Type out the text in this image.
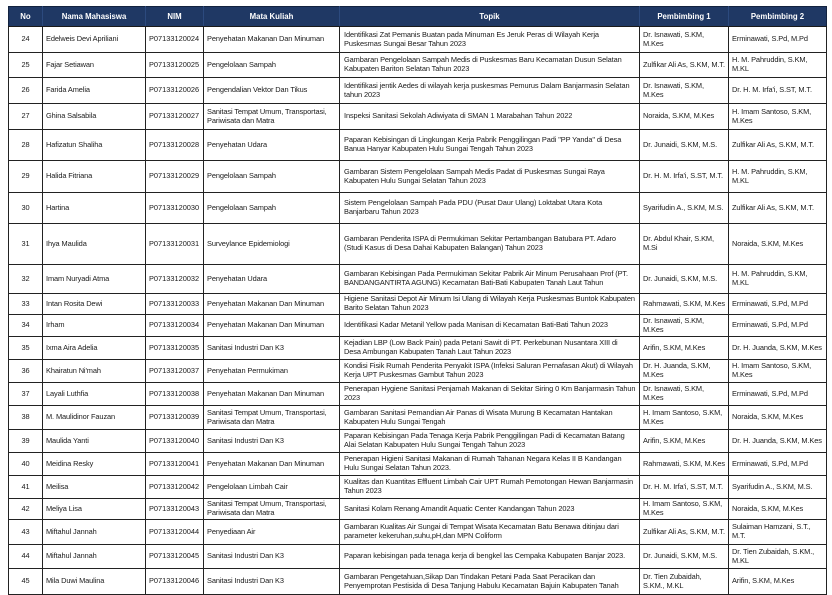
No	Nama Mahasiswa	NIM	Mata Kuliah	Topik	Pembimbing 1	Pembimbing 2
24	Edelweis Devi Apriliani	P07133120024	Penyehatan Makanan Dan Minuman	Identifikasi Zat Pemanis Buatan pada Minuman Es Jeruk Peras di Wilayah Kerja Puskesmas Sungai Besar Tahun 2023	Dr. Isnawati, S.KM, M.Kes	Erminawati, S.Pd, M.Pd
25	Fajar Setiawan	P07133120025	Pengelolaan Sampah	Gambaran Pengelolaan Sampah Medis di Puskesmas Baru Kecamatan Dusun Selatan Kabupaten Bariton Selatan Tahun 2023	Zulfikar Ali As, S.KM, M.T.	H. M. Pahruddin, S.KM, M.KL
26	Farida Amelia	P07133120026	Pengendalian Vektor Dan Tikus	Identifikasi jentik Aedes di wilayah kerja puskesmas Pemurus Dalam Banjarmasin Selatan tahun 2023	Dr. Isnawati, S.KM, M.Kes	Dr. H. M. Irfa'i, S.ST, M.T.
27	Ghina Salsabila	P07133120027	Sanitasi Tempat Umum, Transportasi, Pariwisata dan Matra	Inspeksi Sanitasi Sekolah Adiwiyata di SMAN 1 Marabahan Tahun 2022	Noraida, S.KM, M.Kes	H. Imam Santoso, S.KM, M.Kes
28	Hafizatun Shaliha	P07133120028	Penyehatan Udara	Paparan Kebisingan di Lingkungan Kerja Pabrik Penggilingan Padi "PP Yanda" di Desa Banua Hanyar Kabupaten Hulu Sungai Tengah Tahun 2023	Dr. Junaidi, S.KM, M.S.	Zulfikar Ali As, S.KM, M.T.
29	Halida Fitriana	P07133120029	Pengelolaan Sampah	Gambaran Sistem Pengelolaan Sampah Medis Padat di Puskesmas Sungai Raya Kabupaten Hulu Sungai Selatan Tahun 2023	Dr. H. M. Irfa'i, S.ST, M.T.	H. M. Pahruddin, S.KM, M.KL
30	Hartina	P07133120030	Pengelolaan Sampah	Sistem Pengelolaan Sampah Pada PDU (Pusat Daur Ulang) Loktabat Utara Kota Banjarbaru Tahun 2023	Syarifudin A., S.KM, M.S.	Zulfikar Ali As, S.KM, M.T.
31	Ihya Maulida	P07133120031	Surveylance Epidemiologi	Gambaran Penderita ISPA di Permukiman Sekitar Pertambangan Batubara PT. Adaro (Studi Kasus di Desa Dahai Kabupaten Balangan) Tahun 2023	Dr. Abdul Khair, S.KM, M.Si	Noraida, S.KM, M.Kes
32	Imam Nuryadi Atma	P07133120032	Penyehatan Udara	Gambaran Kebisingan Pada Permukiman Sekitar Pabrik Air Minum Perusahaan Prof (PT. BANDANGANTIRTA AGUNG) Kecamatan Bati-Bati Kabupaten Tanah Laut Tahun	Dr. Junaidi, S.KM, M.S.	H. M. Pahruddin, S.KM, M.KL
33	Intan Rosita Dewi	P07133120033	Penyehatan Makanan Dan Minuman	Higiene Sanitasi Depot Air Minum Isi Ulang di Wilayah Kerja Puskesmas Buntok Kabupaten Barito Selatan Tahun 2023	Rahmawati, S.KM, M.Kes	Erminawati, S.Pd, M.Pd
34	Irham	P07133120034	Penyehatan Makanan Dan Minuman	Identifikasi Kadar Metanil Yellow pada Manisan di Kecamatan Bati-Bati Tahun 2023	Dr. Isnawati, S.KM, M.Kes	Erminawati, S.Pd, M.Pd
35	Ixma Aira Adelia	P07133120035	Sanitasi Industri Dan K3	Kejadian LBP (Low Back Pain) pada Petani Sawit di PT. Perkebunan Nusantara XIII di Desa Ambungan Kabupaten Tanah Laut Tahun 2023	Arifin, S.KM, M.Kes	Dr. H. Juanda, S.KM, M.Kes
36	Khairatun Ni'mah	P07133120037	Penyehatan Permukiman	Kondisi Fisik Rumah Penderita Penyakit ISPA (Infeksi Saluran Pernafasan Akut) di Wilayah Kerja UPT Puskesmas Gambut Tahun 2023	Dr. H. Juanda, S.KM, M.Kes	H. Imam Santoso, S.KM, M.Kes
37	Layali Luthfia	P07133120038	Penyehatan Makanan Dan Minuman	Penerapan Hygiene Sanitasi Penjamah Makanan di Sekitar Siring 0 Km Banjarmasin Tahun 2023	Dr. Isnawati, S.KM, M.Kes	Erminawati, S.Pd, M.Pd
38	M. Maulidinor Fauzan	P07133120039	Sanitasi Tempat Umum, Transportasi, Pariwisata dan Matra	Gambaran Sanitasi Pemandian Air Panas di Wisata Murung B Kecamatan Hantakan Kabupaten Hulu Sungai Tengah	H. Imam Santoso, S.KM, M.Kes	Noraida, S.KM, M.Kes
39	Maulida Yanti	P07133120040	Sanitasi Industri Dan K3	Paparan Kebisingan Pada Tenaga Kerja Pabrik Penggilingan Padi di Kecamatan Batang Alai Selatan Kabupaten Hulu Sungai Tengah Tahun 2023	Arifin, S.KM, M.Kes	Dr. H. Juanda, S.KM, M.Kes
40	Meidina Resky	P07133120041	Penyehatan Makanan Dan Minuman	Penerapan Higieni Sanitasi Makanan di Rumah Tahanan Negara Kelas II B Kandangan Hulu Sungai Selatan Tahun 2023.	Rahmawati, S.KM, M.Kes	Erminawati, S.Pd, M.Pd
41	Meilisa	P07133120042	Pengelolaan Limbah Cair	Kualitas dan Kuantitas Effluent Limbah Cair UPT Rumah Pemotongan Hewan Banjarmasin Tahun 2023	Dr. H. M. Irfa'i, S.ST, M.T.	Syarifudin A., S.KM, M.S.
42	Meliya Lisa	P07133120043	Sanitasi Tempat Umum, Transportasi, Pariwisata dan Matra	Sanitasi Kolam Renang Amandit Aquatic Center Kandangan Tahun 2023	H. Imam Santoso, S.KM, M.Kes	Noraida, S.KM, M.Kes
43	Miftahul Jannah	P07133120044	Penyediaan Air	Gambaran Kualitas Air Sungai di Tempat Wisata Kecamatan Batu Benawa ditinjau dari parameter kekeruhan,suhu,pH,dan MPN Coliform	Zulfikar Ali As, S.KM, M.T.	Sulaiman Hamzani, S.T., M.T.
44	Miftahul Jannah	P07133120045	Sanitasi Industri Dan K3	Paparan kebisingan pada tenaga kerja di bengkel las Cempaka Kabupaten Banjar 2023.	Dr. Junaidi, S.KM, M.S.	Dr. Tien Zubaidah, S.KM., M.KL
45	Mila Duwi Maulina	P07133120046	Sanitasi Industri Dan K3	Gambaran Pengetahuan,Sikap Dan Tindakan Petani Pada Saat Peracikan dan Penyemprotan Pestisida di Desa Tanjung Habulu Kecamatan Bajuin Kabupaten Tanah	Dr. Tien Zubaidah, S.KM., M.KL	Arifin, S.KM, M.Kes
